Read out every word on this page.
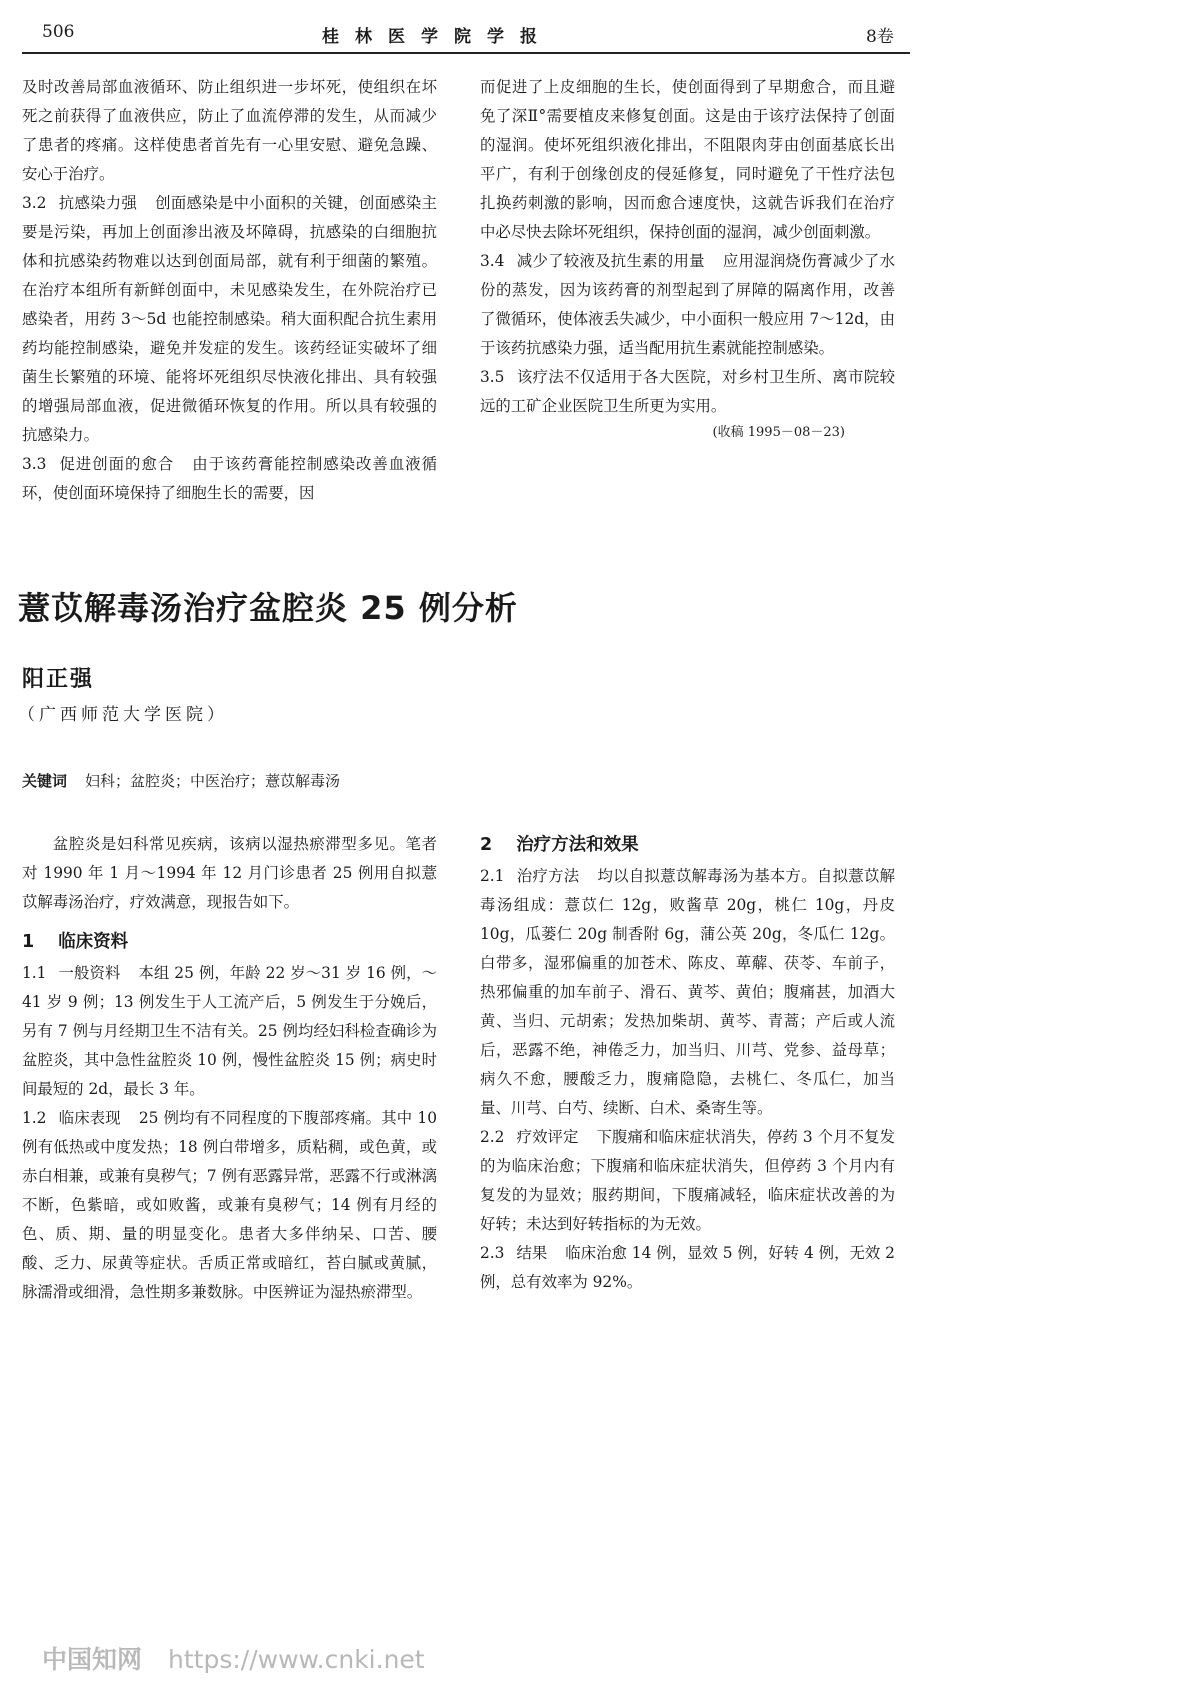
506	桂林医学院学报	8卷

及时改善局部血液循环、防止组织进一步坏死，使组织在坏死之前获得了血液供应，防止了血流停滞的发生，从而减少了患者的疼痛。这样使患者首先有一心里安慰、避免急躁、安心于治疗。

3.2 抗感染力强 创面感染是中小面积的关键，创面感染主要是污染，再加上创面渗出液及坏障碍，抗感染的白细胞抗体和抗感染药物难以达到创面局部，就有利于细菌的繁殖。在治疗本组所有新鲜创面中，未见感染发生，在外院治疗已感染者，用药 3～5d 也能控制感染。稍大面积配合抗生素用药均能控制感染，避免并发症的发生。该药经证实破坏了细菌生长繁殖的环境、能将坏死组织尽快液化排出、具有较强的增强局部血液，促进微循环恢复的作用。所以具有较强的抗感染力。

3.3 促进创面的愈合 由于该药膏能控制感染改善血液循环，使创面环境保持了细胞生长的需要，因

而促进了上皮细胞的生长，使创面得到了早期愈合，而且避免了深Ⅱ°需要植皮来修复创面。这是由于该疗法保持了创面的湿润。使坏死组织液化排出，不阻限肉芽由创面基底长出平广，有利于创缘创皮的侵延修复，同时避免了干性疗法包扎换药刺激的影响，因而愈合速度快，这就告诉我们在治疗中必尽快去除坏死组织，保持创面的湿润，减少创面刺激。

3.4 减少了较液及抗生素的用量 应用湿润烧伤膏减少了水份的蒸发，因为该药膏的剂型起到了屏障的隔离作用，改善了微循环，使体液丢失减少，中小面积一般应用 7～12d，由于该药抗感染力强，适当配用抗生素就能控制感染。

3.5 该疗法不仅适用于各大医院，对乡村卫生所、离市院较远的工矿企业医院卫生所更为实用。

(收稿 1995－08－23)
薏苡解毒汤治疗盆腔炎 25 例分析
阳正强
（广西师范大学医院）
关键词 妇科；盆腔炎；中医治疗；薏苡解毒汤

盆腔炎是妇科常见疾病，该病以湿热瘀滞型多见。笔者对 1990 年 1 月～1994 年 12 月门诊患者 25 例用自拟薏苡解毒汤治疗，疗效满意，现报告如下。

1 临床资料

1.1 一般资料 本组 25 例，年龄 22 岁～31 岁 16 例，～41 岁 9 例；13 例发生于人工流产后，5 例发生于分娩后，另有 7 例与月经期卫生不洁有关。25 例均经妇科检查确诊为盆腔炎，其中急性盆腔炎 10 例，慢性盆腔炎 15 例；病史时间最短的 2d，最长 3 年。

1.2 临床表现 25 例均有不同程度的下腹部疼痛。其中 10 例有低热或中度发热；18 例白带增多，质粘稠，或色黄，或赤白相兼，或兼有臭秽气；7 例有恶露异常，恶露不行或淋漓不断，色紫暗，或如败酱，或兼有臭秽气；14 例有月经的色、质、期、量的明显变化。患者大多伴纳呆、口苦、腰酸、乏力、尿黄等症状。舌质正常或暗红，苔白腻或黄腻，脉濡滑或细滑，急性期多兼数脉。中医辨证为湿热瘀滞型。

2 治疗方法和效果

2.1 治疗方法 均以自拟薏苡解毒汤为基本方。自拟薏苡解毒汤组成：薏苡仁 12g，败酱草 20g，桃仁 10g，丹皮 10g，瓜蒌仁 20g 制香附 6g，蒲公英 20g，冬瓜仁 12g。白带多，湿邪偏重的加苍术、陈皮、萆薢、茯苓、车前子，热邪偏重的加车前子、滑石、黄芩、黄伯；腹痛甚，加酒大黄、当归、元胡索；发热加柴胡、黄芩、青蒿；产后或人流后，恶露不绝，神倦乏力，加当归、川芎、党参、益母草；病久不愈，腰酸乏力，腹痛隐隐，去桃仁、冬瓜仁，加当量、川芎、白芍、续断、白术、桑寄生等。

2.2 疗效评定 下腹痛和临床症状消失，停药 3 个月不复发的为临床治愈；下腹痛和临床症状消失，但停药 3 个月内有复发的为显效；服药期间，下腹痛减轻，临床症状改善的为好转；未达到好转指标的为无效。

2.3 结果 临床治愈 14 例，显效 5 例，好转 4 例，无效 2 例，总有效率为 92%。

中国知网 https://www.cnki.net
